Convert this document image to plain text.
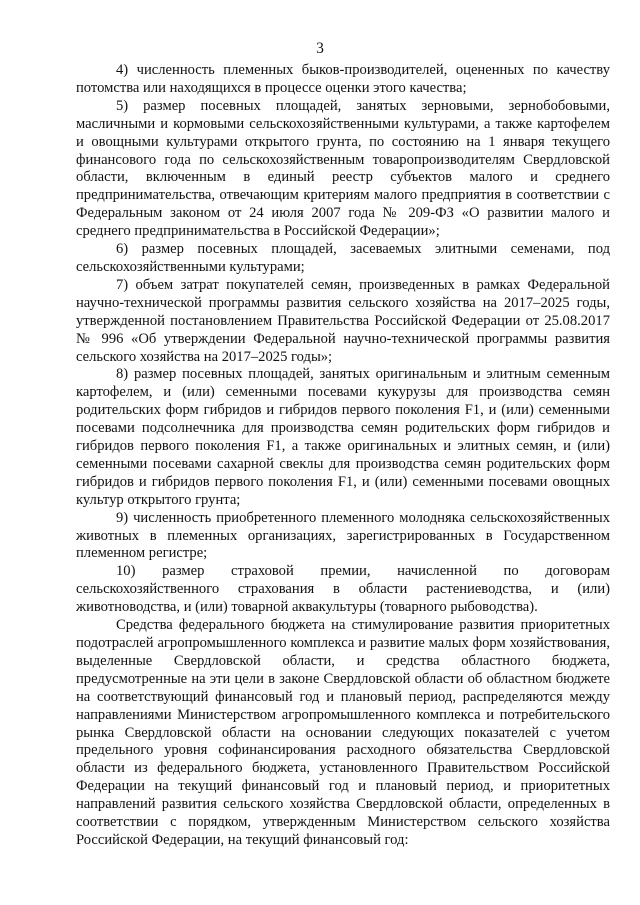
3

4) численность племенных быков-производителей, оцененных по качеству потомства или находящихся в процессе оценки этого качества;

5) размер посевных площадей, занятых зерновыми, зернобобовыми, масличными и кормовыми сельскохозяйственными культурами, а также картофелем и овощными культурами открытого грунта, по состоянию на 1 января текущего финансового года по сельскохозяйственным товаропроизводителям Свердловской области, включенным в единый реестр субъектов малого и среднего предпринимательства, отвечающим критериям малого предприятия в соответствии с Федеральным законом от 24 июля 2007 года № 209-ФЗ «О развитии малого и среднего предпринимательства в Российской Федерации»;

6) размер посевных площадей, засеваемых элитными семенами, под сельскохозяйственными культурами;

7) объем затрат покупателей семян, произведенных в рамках Федеральной научно-технической программы развития сельского хозяйства на 2017–2025 годы, утвержденной постановлением Правительства Российской Федерации от 25.08.2017 № 996 «Об утверждении Федеральной научно-технической программы развития сельского хозяйства на 2017–2025 годы»;

8) размер посевных площадей, занятых оригинальным и элитным семенным картофелем, и (или) семенными посевами кукурузы для производства семян родительских форм гибридов и гибридов первого поколения F1, и (или) семенными посевами подсолнечника для производства семян родительских форм гибридов и гибридов первого поколения F1, а также оригинальных и элитных семян, и (или) семенными посевами сахарной свеклы для производства семян родительских форм гибридов и гибридов первого поколения F1, и (или) семенными посевами овощных культур открытого грунта;

9) численность приобретенного племенного молодняка сельскохозяйственных животных в племенных организациях, зарегистрированных в Государственном племенном регистре;

10) размер страховой премии, начисленной по договорам сельскохозяйственного страхования в области растениеводства, и (или) животноводства, и (или) товарной аквакультуры (товарного рыбоводства).

Средства федерального бюджета на стимулирование развития приоритетных подотраслей агропромышленного комплекса и развитие малых форм хозяйствования, выделенные Свердловской области, и средства областного бюджета, предусмотренные на эти цели в законе Свердловской области об областном бюджете на соответствующий финансовый год и плановый период, распределяются между направлениями Министерством агропромышленного комплекса и потребительского рынка Свердловской области на основании следующих показателей с учетом предельного уровня софинансирования расходного обязательства Свердловской области из федерального бюджета, установленного Правительством Российской Федерации на текущий финансовый год и плановый период, и приоритетных направлений развития сельского хозяйства Свердловской области, определенных в соответствии с порядком, утвержденным Министерством сельского хозяйства Российской Федерации, на текущий финансовый год:
